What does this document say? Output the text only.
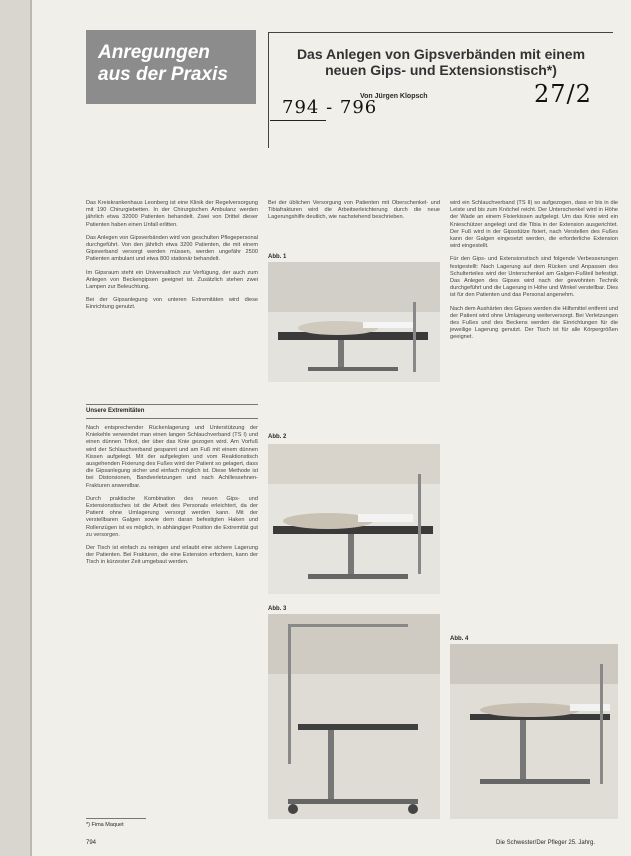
Anregungen
aus der Praxis
Das Anlegen von Gipsverbänden mit einem
neuen Gips- und Extensionstisch*)
Von Jürgen Klopsch
794 - 796	27/2

Das Kreiskrankenhaus Leonberg ist eine Klinik der Regelversorgung mit 190 Chirurgiebetten. In der Chirurgischen Ambulanz werden jährlich etwa 32000 Patienten behandelt. Zwei von Drittel dieser Patienten haben einen Unfall erlitten.

Das Anlegen von Gipsverbänden wird von geschulten Pflegepersonal durchgeführt. Von den jährlich etwa 3200 Patienten, die mit einem Gipsverband versorgt werden müssen, werden ungefähr 2500 Patienten ambulant und etwa 800 stationär behandelt.

Im Gipsraum steht ein Universaltisch zur Verfügung, der auch zum Anlegen von Beckengipsen geeignet ist. Zusätzlich stehen zwei Lampen zur Beleuchtung.

Bei der Gipsanlegung von unteren Extremitäten wird diese Einrichtung genutzt.

Unsere Extremitäten

Nach entsprechender Rückenlagerung und Unterstützung der Kniekehle verwendet man einen langen Schlauchverband (TS I) und einen dünnen Trikot, der über das Knie gezogen wird. Am Vorfuß wird der Schlauchverband gespannt und am Fuß mit einem dünnen Kissen aufgelegt. Mit der aufgelegten und vom Reaktionstisch ausgehenden Fixierung des Fußes wird der Patient so gelagert, dass die Gipsanlegung sicher und einfach möglich ist. Diese Methode ist bei Distorsionen, Bandverletzungen und nach Achillessehnen-Frakturen anwendbar.

Durch praktische Kombination des neuen Gips- und Extensionstisches ist die Arbeit des Personals erleichtert, da der Patient ohne Umlagerung versorgt werden kann. Mit der verstellbaren Galgen sowie dem daran befestigten Haken und Rollenzügen ist es möglich, in abhängiger Position die Extremität gut zu versorgen.

Der Tisch ist einfach zu reinigen und erlaubt eine sichere Lagerung der Patienten. Bei Frakturen, die eine Extension erfordern, kann der Tisch in kürzester Zeit umgebaut werden.

Bei der üblichen Versorgung von Patienten mit Oberschenkel- und Tibiafrakturen wird die Arbeitserleichterung durch die neue Lagerungshilfe deutlich, wie nachstehend beschrieben.

Abb. 1
Abb. 2
Abb. 3
Abb. 4

wird ein Schlauchverband (TS II) so aufgezogen, dass er bis in die Leiste und bis zum Knöchel reicht. Der Unterschenkel wird in Höhe der Wade an einem Fixierkissen aufgelegt. Um das Knie wird ein Knieschützer angelegt und die Tibia in der Extension ausgerichtet. Der Fuß wird in der Gipsstütze fixiert, nach Verstellen des Fußes kann der Galgen eingesetzt werden, die erforderliche Extension wird eingestellt.

Für den Gips- und Extensionstisch sind folgende Verbesserungen festgestellt: Nach Lagerung auf dem Rücken und Anpassen des Schulterteiles wird der Unterschenkel am Galgen-Fußteil befestigt. Das Anlegen des Gipses wird nach der gewohnten Technik durchgeführt und die Lagerung in Höhe und Winkel verstellbar. Dies ist für den Patienten und das Personal angenehm.

Nach dem Aushärten des Gipses werden die Hilfsmittel entfernt und der Patient wird ohne Umlagerung weiterversorgt. Bei Verletzungen des Fußes und des Beckens werden die Einrichtungen für die jeweilige Lagerung genutzt. Der Tisch ist für alle Körpergrößen geeignet.

*) Fima Maquet
794	Die Schwester/Der Pfleger 25. Jahrg.
